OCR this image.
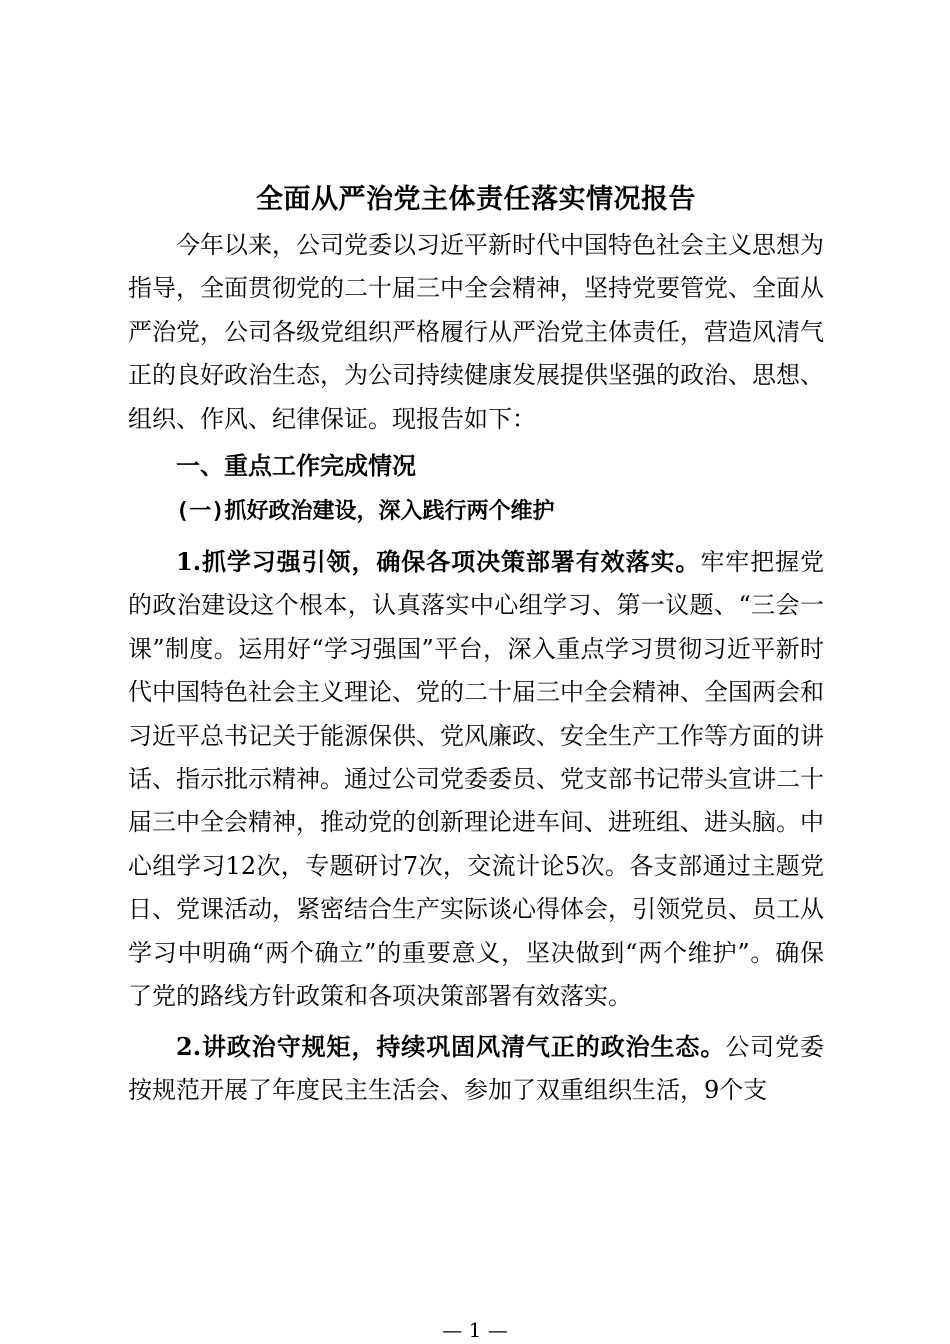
全面从严治党主体责任落实情况报告

今年以来，公司党委以习近平新时代中国特色社会主义思想为指导，全面贯彻党的二十届三中全会精神，坚持党要管党、全面从严治党，公司各级党组织严格履行从严治党主体责任，营造风清气正的良好政治生态，为公司持续健康发展提供坚强的政治、思想、组织、作风、纪律保证。现报告如下：

一、重点工作完成情况
(一)抓好政治建设，深入践行两个维护

1.抓学习强引领，确保各项决策部署有效落实。牢牢把握党的政治建设这个根本，认真落实中心组学习、第一议题、“三会一课”制度。运用好“学习强国”平台，深入重点学习贯彻习近平新时代中国特色社会主义理论、党的二十届三中全会精神、全国两会和习近平总书记关于能源保供、党风廉政、安全生产工作等方面的讲话、指示批示精神。通过公司党委委员、党支部书记带头宣讲二十届三中全会精神，推动党的创新理论进车间、进班组、进头脑。中心组学习12次，专题研讨7次，交流计论5次。各支部通过主题党日、党课活动，紧密结合生产实际谈心得体会，引领党员、员工从学习中明确“两个确立”的重要意义，坚决做到“两个维护”。确保了党的路线方针政策和各项决策部署有效落实。

2.讲政治守规矩，持续巩固风清气正的政治生态。公司党委按规范开展了年度民主生活会、参加了双重组织生活，9个支

— 1 —
